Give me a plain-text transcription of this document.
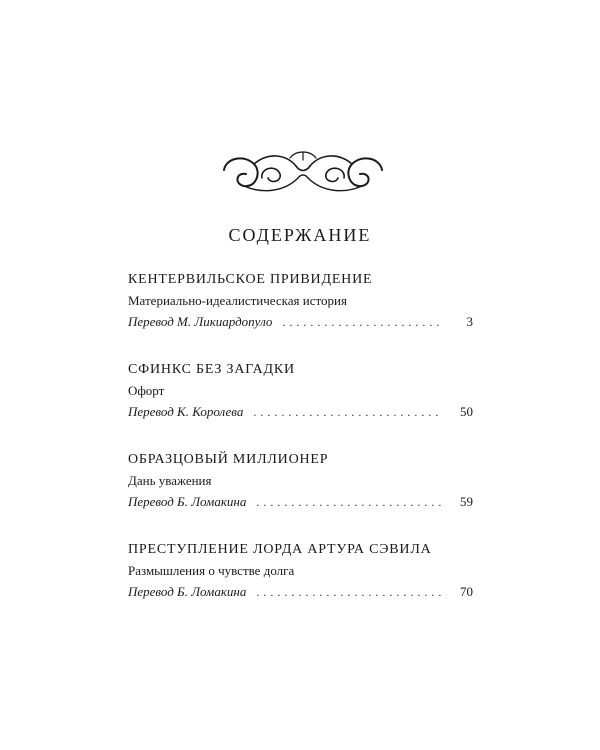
содержание
КЕНТЕРВИЛЬСКОЕ ПРИВИДЕНИЕ
Материально-идеалистическая история
Перевод М. Ликиардопуло . . .	3
СФИНКС БЕЗ ЗАГАДКИ
Офорт
Перевод К. Королева . . .	50
ОБРАЗЦОВЫЙ МИЛЛИОНЕР
Дань уважения
Перевод Б. Ломакина . . .	59
ПРЕСТУПЛЕНИЕ ЛОРДА АРТУРА СЭВИЛА
Размышления о чувстве долга
Перевод Б. Ломакина . . .	70
